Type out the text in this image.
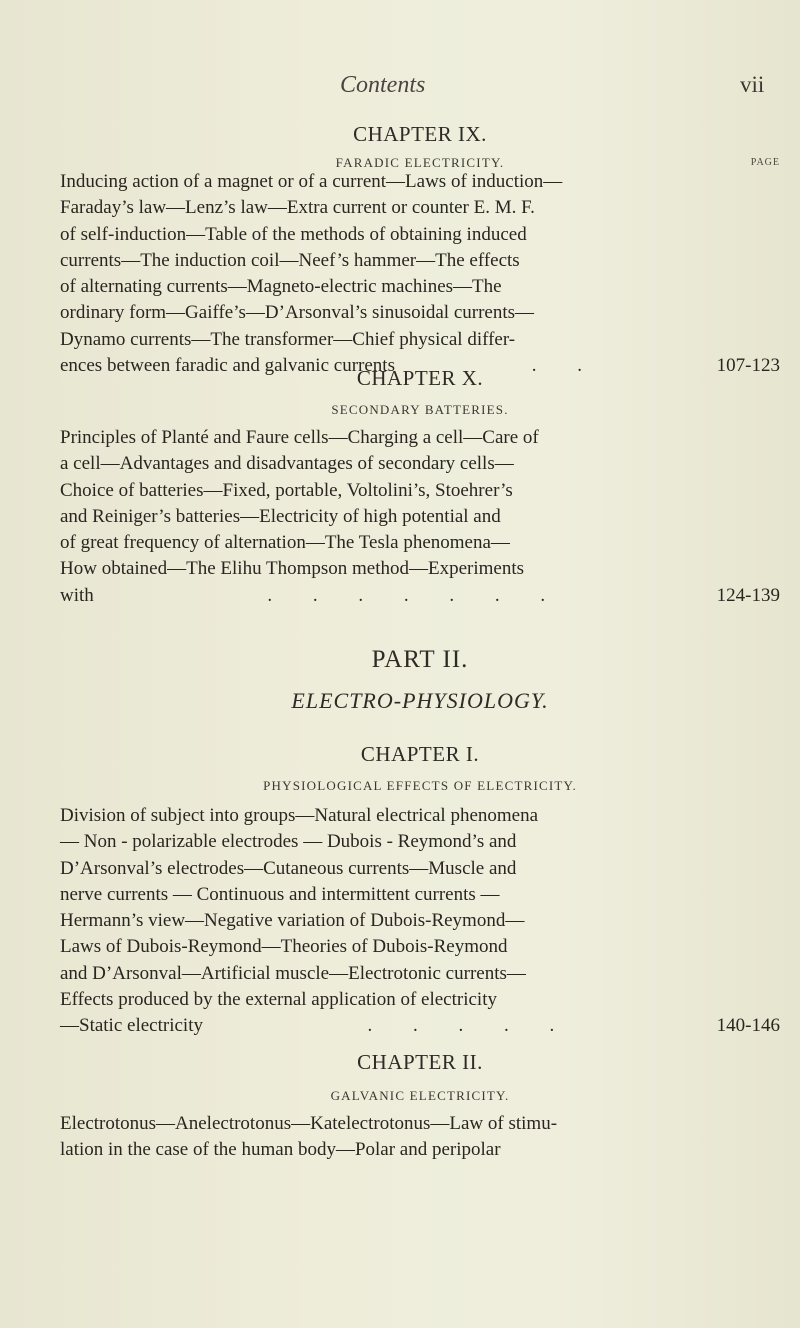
Contents	vii

CHAPTER IX.

FARADIC ELECTRICITY.	PAGE

Inducing action of a magnet or of a current—Laws of induction—

Faraday’s law—Lenz’s law—Extra current or counter E. M. F.

of self-induction—Table of the methods of obtaining induced

currents—The induction coil—Neef’s hammer—The effects

of alternating currents—Magneto-electric machines—The

ordinary form—Gaiffe’s—D’Arsonval’s sinusoidal currents—

Dynamo currents—The transformer—Chief physical differ-

ences between faradic and galvanic currents	. .	107-123

CHAPTER X.

SECONDARY BATTERIES.

Principles of Planté and Faure cells—Charging a cell—Care of

a cell—Advantages and disadvantages of secondary cells—

Choice of batteries—Fixed, portable, Voltolini’s, Stoehrer’s

and Reiniger’s batteries—Electricity of high potential and

of great frequency of alternation—The Tesla phenomena—

How obtained—The Elihu Thompson method—Experiments

with	. . . . . . .	124-139

PART II.

ELECTRO-PHYSIOLOGY.

CHAPTER I.

PHYSIOLOGICAL EFFECTS OF ELECTRICITY.

Division of subject into groups—Natural electrical phenomena

— Non - polarizable electrodes — Dubois - Reymond’s and

D’Arsonval’s electrodes—Cutaneous currents—Muscle and

nerve currents — Continuous and intermittent currents —

Hermann’s view—Negative variation of Dubois-Reymond—

Laws of Dubois-Reymond—Theories of Dubois-Reymond

and D’Arsonval—Artificial muscle—Electrotonic currents—

Effects produced by the external application of electricity

—Static electricity	. . . . .	140-146

CHAPTER II.

GALVANIC ELECTRICITY.

Electrotonus—Anelectrotonus—Katelectrotonus—Law of stimu-

lation in the case of the human body—Polar and peripolar
